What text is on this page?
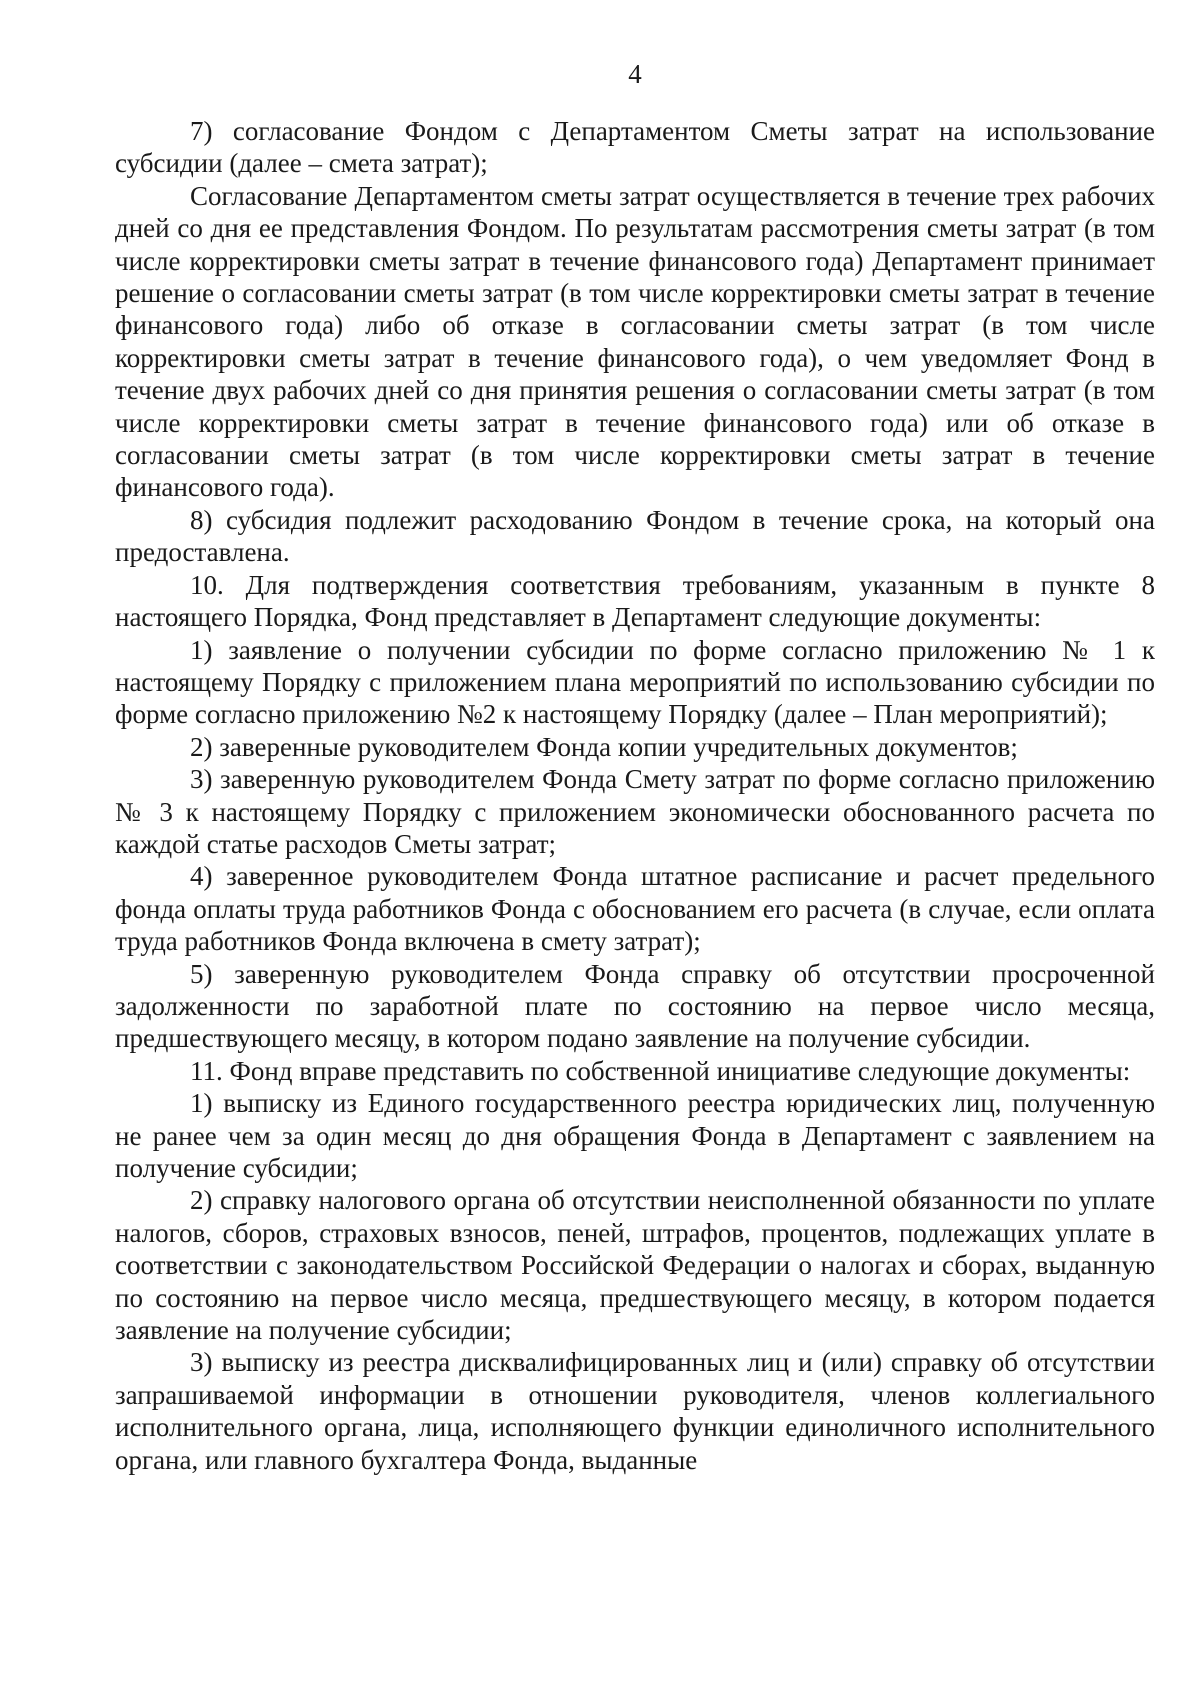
4

7) согласование Фондом с Департаментом Сметы затрат на использование субсидии (далее – смета затрат);

Согласование Департаментом сметы затрат осуществляется в течение трех рабочих дней со дня ее представления Фондом. По результатам рассмотрения сметы затрат (в том числе корректировки сметы затрат в течение финансового года) Департамент принимает решение о согласовании сметы затрат (в том числе корректировки сметы затрат в течение финансового года) либо об отказе в согласовании сметы затрат (в том числе корректировки сметы затрат в течение финансового года), о чем уведомляет Фонд в течение двух рабочих дней со дня принятия решения о согласовании сметы затрат (в том числе корректировки сметы затрат в течение финансового года) или об отказе в согласовании сметы затрат (в том числе корректировки сметы затрат в течение финансового года).

8) субсидия подлежит расходованию Фондом в течение срока, на который она предоставлена.

10. Для подтверждения соответствия требованиям, указанным в пункте 8 настоящего Порядка, Фонд представляет в Департамент следующие документы:

1) заявление о получении субсидии по форме согласно приложению № 1 к настоящему Порядку с приложением плана мероприятий по использованию субсидии по форме согласно приложению №2 к настоящему Порядку (далее – План мероприятий);

2) заверенные руководителем Фонда копии учредительных документов;

3) заверенную руководителем Фонда Смету затрат по форме согласно приложению № 3 к настоящему Порядку с приложением экономически обоснованного расчета по каждой статье расходов Сметы затрат;

4) заверенное руководителем Фонда штатное расписание и расчет предельного фонда оплаты труда работников Фонда с обоснованием его расчета (в случае, если оплата труда работников Фонда включена в смету затрат);

5) заверенную руководителем Фонда справку об отсутствии просроченной задолженности по заработной плате по состоянию на первое число месяца, предшествующего месяцу, в котором подано заявление на получение субсидии.

11. Фонд вправе представить по собственной инициативе следующие документы:

1) выписку из Единого государственного реестра юридических лиц, полученную не ранее чем за один месяц до дня обращения Фонда в Департамент с заявлением на получение субсидии;

2) справку налогового органа об отсутствии неисполненной обязанности по уплате налогов, сборов, страховых взносов, пеней, штрафов, процентов, подлежащих уплате в соответствии с законодательством Российской Федерации о налогах и сборах, выданную по состоянию на первое число месяца, предшествующего месяцу, в котором подается заявление на получение субсидии;

3) выписку из реестра дисквалифицированных лиц и (или) справку об отсутствии запрашиваемой информации в отношении руководителя, членов коллегиального исполнительного органа, лица, исполняющего функции единоличного исполнительного органа, или главного бухгалтера Фонда, выданные
